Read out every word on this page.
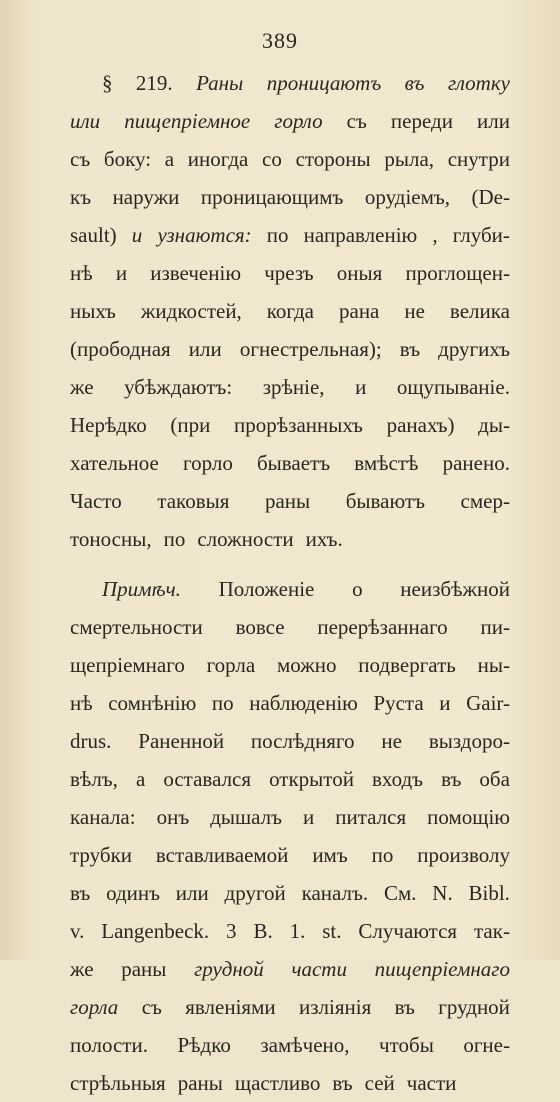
389
§ 219. Раны проницаютъ въ глотку
или пищепріемное горло съ переди или
съ боку: а иногда со стороны рыла, снутри
къ наружи проницающимъ орудіемъ, (De-
sault) и узнаются: по направленію , глуби-
нѣ и извеченію чрезъ оныя проглощен-
ныхъ жидкостей, когда рана не велика
(прободная или огнестрельная); въ другихъ
же убѣждаютъ: зрѣніе, и ощупываніе.
Нерѣдко (при прорѣзанныхъ ранахъ) ды-
хательное горло бываетъ вмѣстѣ ранено.
Часто таковыя раны бываютъ смер-
тоносны, по сложности ихъ.
Примѣч. Положеніе о неизбѣжной
смертельности вовсе перерѣзаннаго пи-
щепріемнаго горла можно подвергать ны-
нѣ сомнѣнію по наблюденію Руста и Gair-
drus. Раненной послѣдняго не выздоро-
вѣлъ, а оставался открытой входъ въ оба
канала: онъ дышалъ и питался помощію
трубки вставливаемой имъ по произволу
въ одинъ или другой каналъ. См. N. Bibl.
v. Langenbeck. 3 B. 1. st. Случаются так-
же раны грудной части пищепріемнаго
горла съ явленіями изліянія въ грудной
полости. Рѣдко замѣчено, чтобы огне-
стрѣльныя раны щастливо въ сей части
